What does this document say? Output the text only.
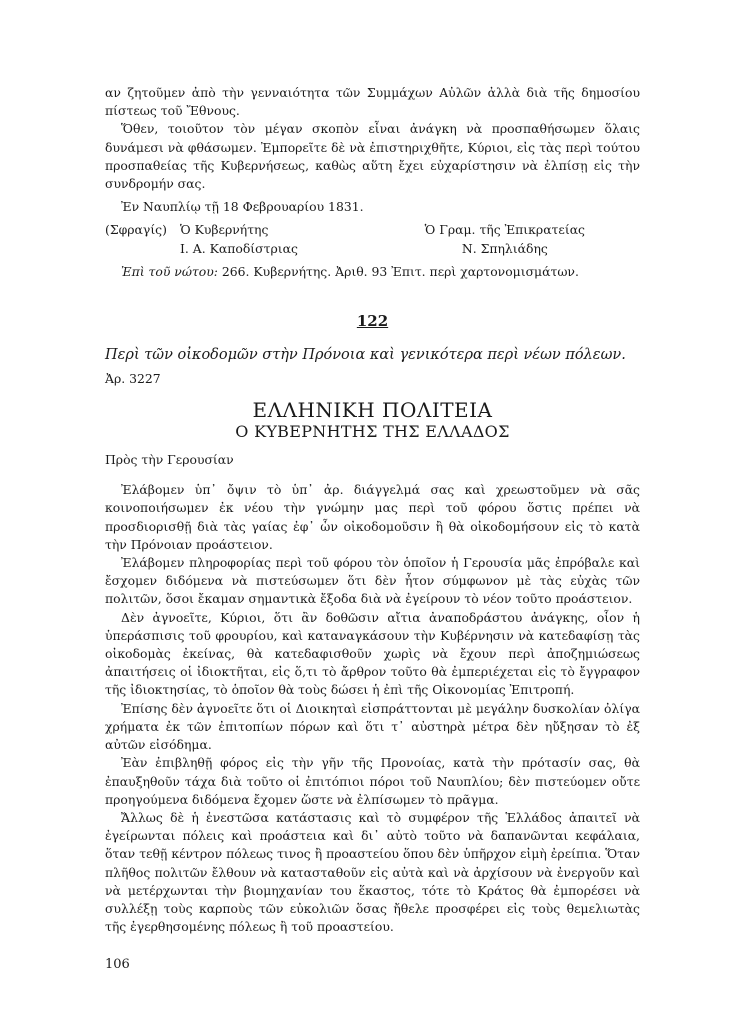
αν ζητοῦμεν ἀπὸ τὴν γενναιότητα τῶν Συμμάχων Αὐλῶν ἀλλὰ διὰ τῆς δημοσίου πίστεως τοῦ Ἔθνους.

Ὅθεν, τοιοῦτον τὸν μέγαν σκοπὸν εἶναι ἀνάγκη νὰ προσπαθήσωμεν ὅλαις δυνάμεσι νὰ φθάσωμεν. Ἐμπορεῖτε δὲ νὰ ἐπιστηριχθῆτε, Κύριοι, εἰς τὰς περὶ τούτου προσπαθείας τῆς Κυβερνήσεως, καθὼς αὕτη ἔχει εὐχαρίστησιν νὰ ἐλπίσῃ εἰς τὴν συνδρομήν σας.

Ἐν Ναυπλίῳ τῇ 18 Φεβρουαρίου 1831.

(Σφραγίς)	Ὁ Κυβερνήτης
Ι. Α. Καποδίστριας
Ὁ Γραμ. τῆς Ἐπικρατείας
Ν. Σπηλιάδης

Ἐπὶ τοῦ νώτου: 266. Κυβερνήτης. Ἀριθ. 93 Ἐπιτ. περὶ χαρτονομισμάτων.

122
Περὶ τῶν οἰκοδομῶν στὴν Πρόνοια καὶ γενικότερα περὶ νέων πόλεων.
Ἀρ. 3227
ΕΛΛΗΝΙΚΗ ΠΟΛΙΤΕΙΑ
Ο ΚΥΒΕΡΝΗΤΗΣ ΤΗΣ ΕΛΛΑΔΟΣ
Πρὸς τὴν Γερουσίαν

Ἐλάβομεν ὑπ᾿ ὄψιν τὸ ὑπ᾿ ἀρ. διάγγελμά σας καὶ χρεωστοῦμεν νὰ σᾶς κοινοποιήσωμεν ἐκ νέου τὴν γνώμην μας περὶ τοῦ φόρου ὅστις πρέπει νὰ προσδιορισθῇ διὰ τὰς γαίας ἐφ᾿ ὧν οἰκοδομοῦσιν ἢ θὰ οἰκοδομήσουν εἰς τὸ κατὰ τὴν Πρόνοιαν προάστειον.

Ἐλάβομεν πληροφορίας περὶ τοῦ φόρου τὸν ὁποῖον ἡ Γερουσία μᾶς ἐπρόβαλε καὶ ἔσχομεν διδόμενα νὰ πιστεύσωμεν ὅτι δὲν ἦτον σύμφωνον μὲ τὰς εὐχὰς τῶν πολιτῶν, ὅσοι ἔκαμαν σημαντικὰ ἔξοδα διὰ νὰ ἐγείρουν τὸ νέον τοῦτο προάστειον.

Δὲν ἀγνοεῖτε, Κύριοι, ὅτι ἂν δοθῶσιν αἴτια ἀναποδράστου ἀνάγκης, οἷον ἡ ὑπεράσπισις τοῦ φρουρίου, καὶ καταναγκάσουν τὴν Κυβέρνησιν νὰ κατεδαφίσῃ τὰς οἰκοδομὰς ἐκείνας, θὰ κατεδαφισθοῦν χωρὶς νὰ ἔχουν περὶ ἀποζημιώσεως ἀπαιτήσεις οἱ ἰδιοκτῆται, εἰς ὅ,τι τὸ ἄρθρον τοῦτο θὰ ἐμπεριέχεται εἰς τὸ ἔγγραφον τῆς ἰδιοκτησίας, τὸ ὁποῖον θὰ τοὺς δώσει ἡ ἐπὶ τῆς Οἰκονομίας Ἐπιτροπή.

Ἐπίσης δὲν ἀγνοεῖτε ὅτι οἱ Διοικηταὶ εἰσπράττονται μὲ μεγάλην δυσκολίαν ὀλίγα χρήματα ἐκ τῶν ἐπιτοπίων πόρων καὶ ὅτι τ᾿ αὐστηρὰ μέτρα δὲν ηὔξησαν τὸ ἐξ αὐτῶν εἰσόδημα.

Ἐὰν ἐπιβληθῇ φόρος εἰς τὴν γῆν τῆς Προνοίας, κατὰ τὴν πρότασίν σας, θὰ ἐπαυξηθοῦν τάχα διὰ τοῦτο οἱ ἐπιτόπιοι πόροι τοῦ Ναυπλίου; δὲν πιστεύομεν οὔτε προηγούμενα διδόμενα ἔχομεν ὥστε νὰ ἐλπίσωμεν τὸ πρᾶγμα.

Ἄλλως δὲ ἡ ἐνεστῶσα κατάστασις καὶ τὸ συμφέρον τῆς Ἑλλάδος ἀπαιτεῖ νὰ ἐγείρωνται πόλεις καὶ προάστεια καὶ δι᾿ αὐτὸ τοῦτο νὰ δαπανῶνται κεφάλαια, ὅταν τεθῇ κέντρον πόλεως τινος ἢ προαστείου ὅπου δὲν ὑπῆρχον εἰμὴ ἐρείπια. Ὅταν πλῆθος πολιτῶν ἔλθουν νὰ κατασταθοῦν εἰς αὐτὰ καὶ νὰ ἀρχίσουν νὰ ἐνεργοῦν καὶ νὰ μετέρχωνται τὴν βιομηχανίαν του ἕκαστος, τότε τὸ Κράτος θὰ ἐμπορέσει νὰ συλλέξῃ τοὺς καρποὺς τῶν εὐκολιῶν ὅσας ἤθελε προσφέρει εἰς τοὺς θεμελιωτὰς τῆς ἐγερθησομένης πόλεως ἢ τοῦ προαστείου.

106
